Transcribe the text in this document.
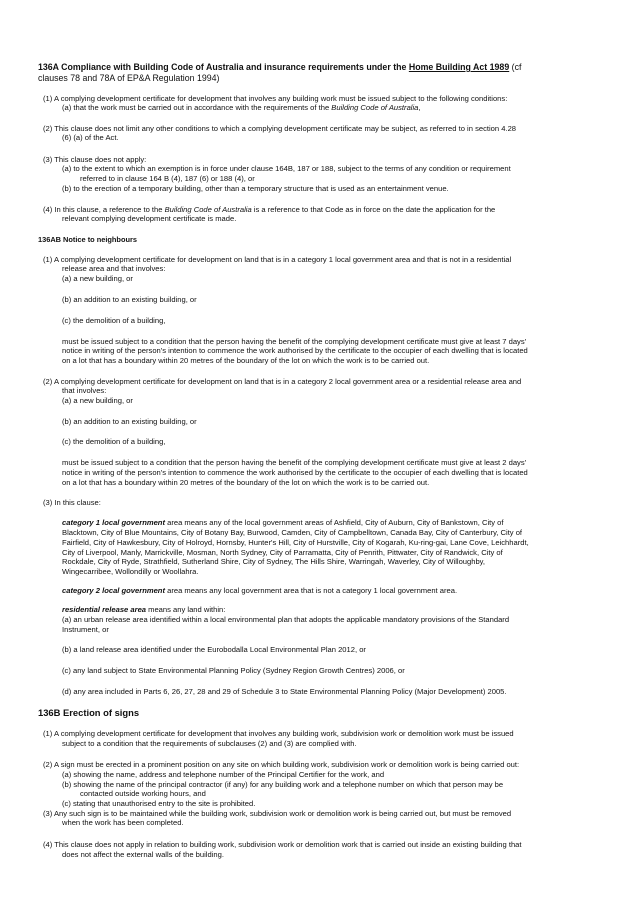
136A Compliance with Building Code of Australia and insurance requirements under the Home Building Act 1989 (cf
clauses 78 and 78A of EP&A Regulation 1994)
(1) A complying development certificate for development that involves any building work must be issued subject to the following conditions:
(a) that the work must be carried out in accordance with the requirements of the Building Code of Australia,
(2) This clause does not limit any other conditions to which a complying development certificate may be subject, as referred to in section 4.28
(6) (a) of the Act.
(3) This clause does not apply:
(a) to the extent to which an exemption is in force under clause 164B, 187 or 188, subject to the terms of any condition or requirement
referred to in clause 164 B (4), 187 (6) or 188 (4), or
(b) to the erection of a temporary building, other than a temporary structure that is used as an entertainment venue.
(4) In this clause, a reference to the Building Code of Australia is a reference to that Code as in force on the date the application for the
relevant complying development certificate is made.
136AB Notice to neighbours
(1) A complying development certificate for development on land that is in a category 1 local government area and that is not in a residential
release area and that involves:
(a) a new building, or
(b) an addition to an existing building, or
(c) the demolition of a building,
must be issued subject to a condition that the person having the benefit of the complying development certificate must give at least 7 days'
notice in writing of the person's intention to commence the work authorised by the certificate to the occupier of each dwelling that is located
on a lot that has a boundary within 20 metres of the boundary of the lot on which the work is to be carried out.
(2) A complying development certificate for development on land that is in a category 2 local government area or a residential release area and
that involves:
(a) a new building, or
(b) an addition to an existing building, or
(c) the demolition of a building,
must be issued subject to a condition that the person having the benefit of the complying development certificate must give at least 2 days'
notice in writing of the person's intention to commence the work authorised by the certificate to the occupier of each dwelling that is located
on a lot that has a boundary within 20 metres of the boundary of the lot on which the work is to be carried out.
(3) In this clause:
category 1 local government area means any of the local government areas of Ashfield, City of Auburn, City of Bankstown, City of
Blacktown, City of Blue Mountains, City of Botany Bay, Burwood, Camden, City of Campbelltown, Canada Bay, City of Canterbury, City of
Fairfield, City of Hawkesbury, City of Holroyd, Hornsby, Hunter's Hill, City of Hurstville, City of Kogarah, Ku-ring-gai, Lane Cove, Leichhardt,
City of Liverpool, Manly, Marrickville, Mosman, North Sydney, City of Parramatta, City of Penrith, Pittwater, City of Randwick, City of
Rockdale, City of Ryde, Strathfield, Sutherland Shire, City of Sydney, The Hills Shire, Warringah, Waverley, City of Willoughby,
Wingecarribee, Wollondilly or Woollahra.
category 2 local government area means any local government area that is not a category 1 local government area.
residential release area means any land within:
(a) an urban release area identified within a local environmental plan that adopts the applicable mandatory provisions of the Standard
Instrument, or
(b) a land release area identified under the Eurobodalla Local Environmental Plan 2012, or
(c) any land subject to State Environmental Planning Policy (Sydney Region Growth Centres) 2006, or
(d) any area included in Parts 6, 26, 27, 28 and 29 of Schedule 3 to State Environmental Planning Policy (Major Development) 2005.
136B Erection of signs
(1) A complying development certificate for development that involves any building work, subdivision work or demolition work must be issued
subject to a condition that the requirements of subclauses (2) and (3) are complied with.
(2) A sign must be erected in a prominent position on any site on which building work, subdivision work or demolition work is being carried out:
(a) showing the name, address and telephone number of the Principal Certifier for the work, and
(b) showing the name of the principal contractor (if any) for any building work and a telephone number on which that person may be
contacted outside working hours, and
(c) stating that unauthorised entry to the site is prohibited.
(3) Any such sign is to be maintained while the building work, subdivision work or demolition work is being carried out, but must be removed
when the work has been completed.
(4) This clause does not apply in relation to building work, subdivision work or demolition work that is carried out inside an existing building that
does not affect the external walls of the building.
